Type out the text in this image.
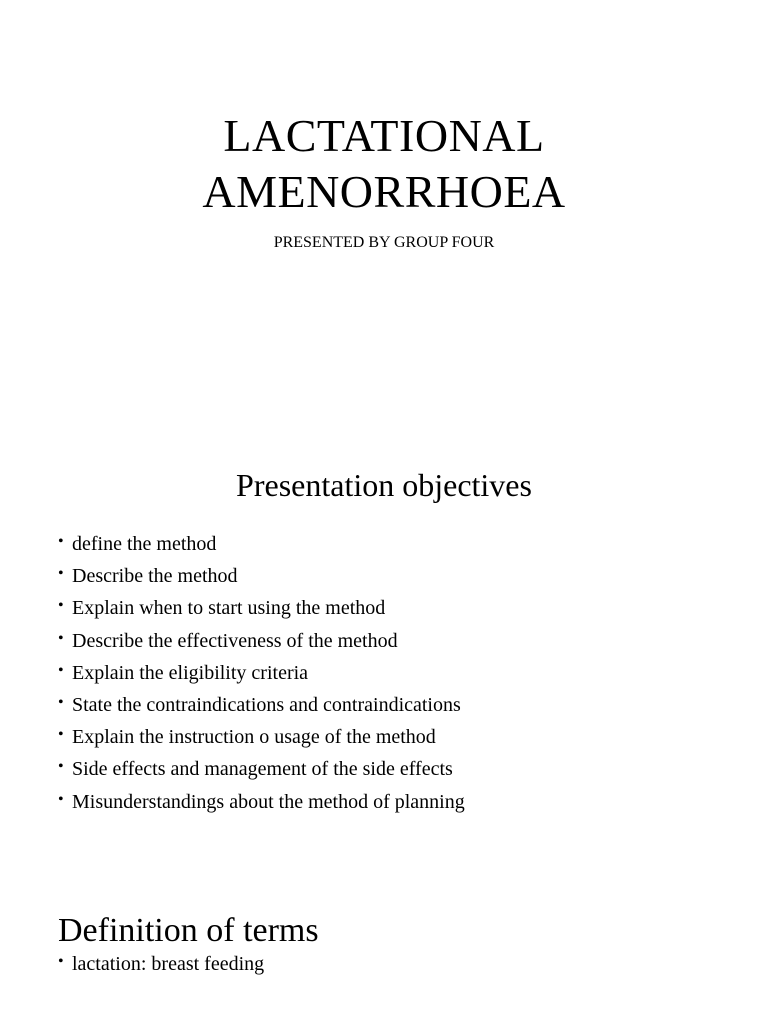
LACTATIONAL
AMENORRHOEA
PRESENTED BY GROUP FOUR
Presentation objectives
• define the method
• Describe the method
• Explain when to start using the method
• Describe the effectiveness of the method
• Explain the eligibility criteria
• State the contraindications and contraindications
• Explain the instruction o usage of the method
• Side effects and management of the side effects
• Misunderstandings about the method of planning
Definition of terms
• lactation: breast feeding
